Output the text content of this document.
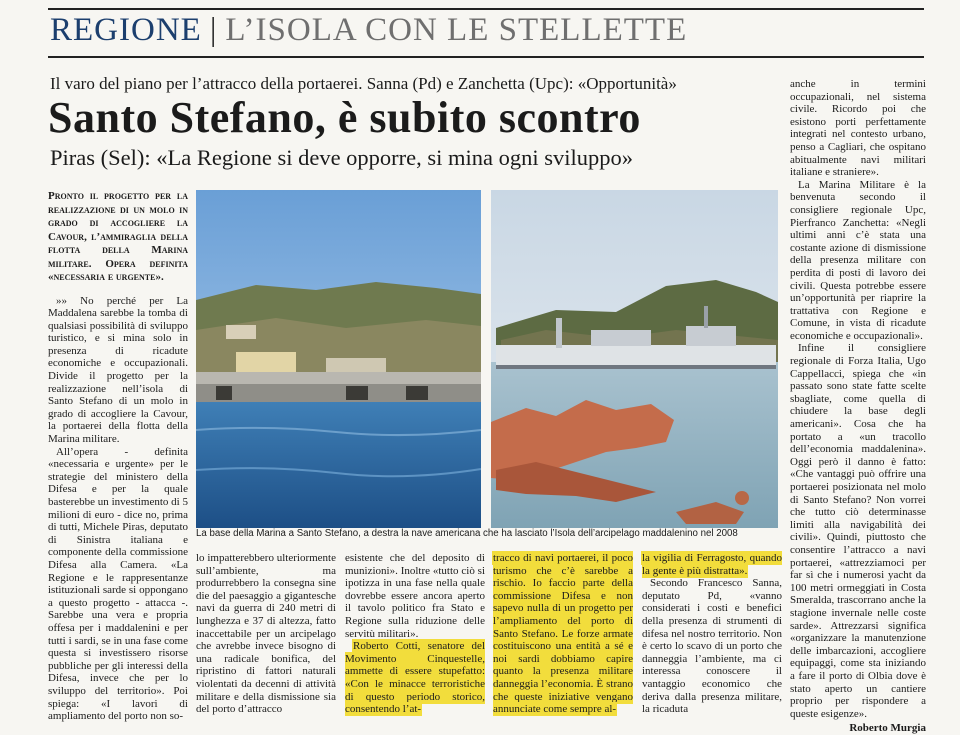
REGIONE | L’ISOLA CON LE STELLETTE
Il varo del piano per l’attracco della portaerei. Sanna (Pd) e Zanchetta (Upc): «Opportunità»
Santo Stefano, è subito scontro
Piras (Sel): «La Regione si deve opporre, si mina ogni sviluppo»

Pronto il progetto per la realizzazione di un molo in grado di accogliere la Cavour, l’ammiraglia della flotta della Marina militare. Opera definita «necessaria e urgente».

»» No perché per La Maddalena sarebbe la tomba di qualsiasi possibilità di sviluppo turistico, e si mina solo in presenza di ricadute economiche e occupazionali. Divide il progetto per la realizzazione nell’isola di Santo Stefano di un molo in grado di accogliere la Cavour, la portaerei della flotta della Marina militare.

All’opera - definita «necessaria e urgente» per le strategie del ministero della Difesa e per la quale basterebbe un investimento di 5 milioni di euro - dice no, prima di tutti, Michele Piras, deputato di Sinistra italiana e componente della commissione Difesa alla Camera. «La Regione e le rappresentanze istituzionali sarde si oppongano a questo progetto - attacca -. Sarebbe una vera e propria offesa per i maddalenini e per tutti i sardi, se in una fase come questa si investissero risorse pubbliche per gli interessi della Difesa, invece che per lo sviluppo del territorio». Poi spiega: «I lavori di ampliamento del porto non so-

La base della Marina a Santo Stefano, a destra la nave americana che ha lasciato l’Isola dell’arcipelago maddalenino nel 2008

lo impatterebbero ulteriormente sull’ambiente, ma produrrebbero la consegna sine die del paesaggio a gigantesche navi da guerra di 240 metri di lunghezza e 37 di altezza, fatto inaccettabile per un arcipelago che avrebbe invece bisogno di una radicale bonifica, del ripristino di fattori naturali violentati da decenni di attività militare e della dismissione sia del porto d’attracco

esistente che del deposito di munizioni». Inoltre «tutto ciò si ipotizza in una fase nella quale dovrebbe essere ancora aperto il tavolo politico fra Stato e Regione sulla riduzione delle servitù militari».

Roberto Cotti, senatore del Movimento Cinquestelle, ammette di essere stupefatto: «Con le minacce terroristiche di questo periodo storico, consentendo l’at-

tracco di navi portaerei, il poco turismo che c’è sarebbe a rischio. Io faccio parte della commissione Difesa e non sapevo nulla di un progetto per l’ampliamento del porto di Santo Stefano. Le forze armate costituiscono una entità a sé e noi sardi dobbiamo capire quanto la presenza militare danneggia l’economia. È strano che queste iniziative vengano annunciate come sempre al-

la vigilia di Ferragosto, quando la gente è più distratta».

Secondo Francesco Sanna, deputato Pd, «vanno considerati i costi e benefici della presenza di strumenti di difesa nel nostro territorio. Non è certo lo scavo di un porto che danneggia l’ambiente, ma ci interessa conoscere il vantaggio economico che deriva dalla presenza militare, la ricaduta

anche in termini occupazionali, nel sistema civile. Ricordo poi che esistono porti perfettamente integrati nel contesto urbano, penso a Cagliari, che ospitano abitualmente navi militari italiane e straniere».

La Marina Militare è la benvenuta secondo il consigliere regionale Upc, Pierfranco Zanchetta: «Negli ultimi anni c’è stata una costante azione di dismissione della presenza militare con perdita di posti di lavoro dei civili. Questa potrebbe essere un’opportunità per riaprire la trattativa con Regione e Comune, in vista di ricadute economiche e occupazionali».

Infine il consigliere regionale di Forza Italia, Ugo Cappellacci, spiega che «in passato sono state fatte scelte sbagliate, come quella di chiudere la base degli americani». Cosa che ha portato a «un tracollo dell’economia maddalenina». Oggi però il danno è fatto: «Che vantaggi può offrire una portaerei posizionata nel molo di Santo Stefano? Non vorrei che tutto ciò determinasse limiti alla navigabilità dei civili». Quindi, piuttosto che consentire l’attracco a navi portaerei, «attrezziamoci per far sì che i numerosi yacht da 100 metri ormeggiati in Costa Smeralda, trascorrano anche la stagione invernale nelle coste sarde». Attrezzarsi significa «organizzare la manutenzione delle imbarcazioni, accogliere equipaggi, come sta iniziando a fare il porto di Olbia dove è stato aperto un cantiere proprio per rispondere a queste esigenze».

Roberto Murgia
